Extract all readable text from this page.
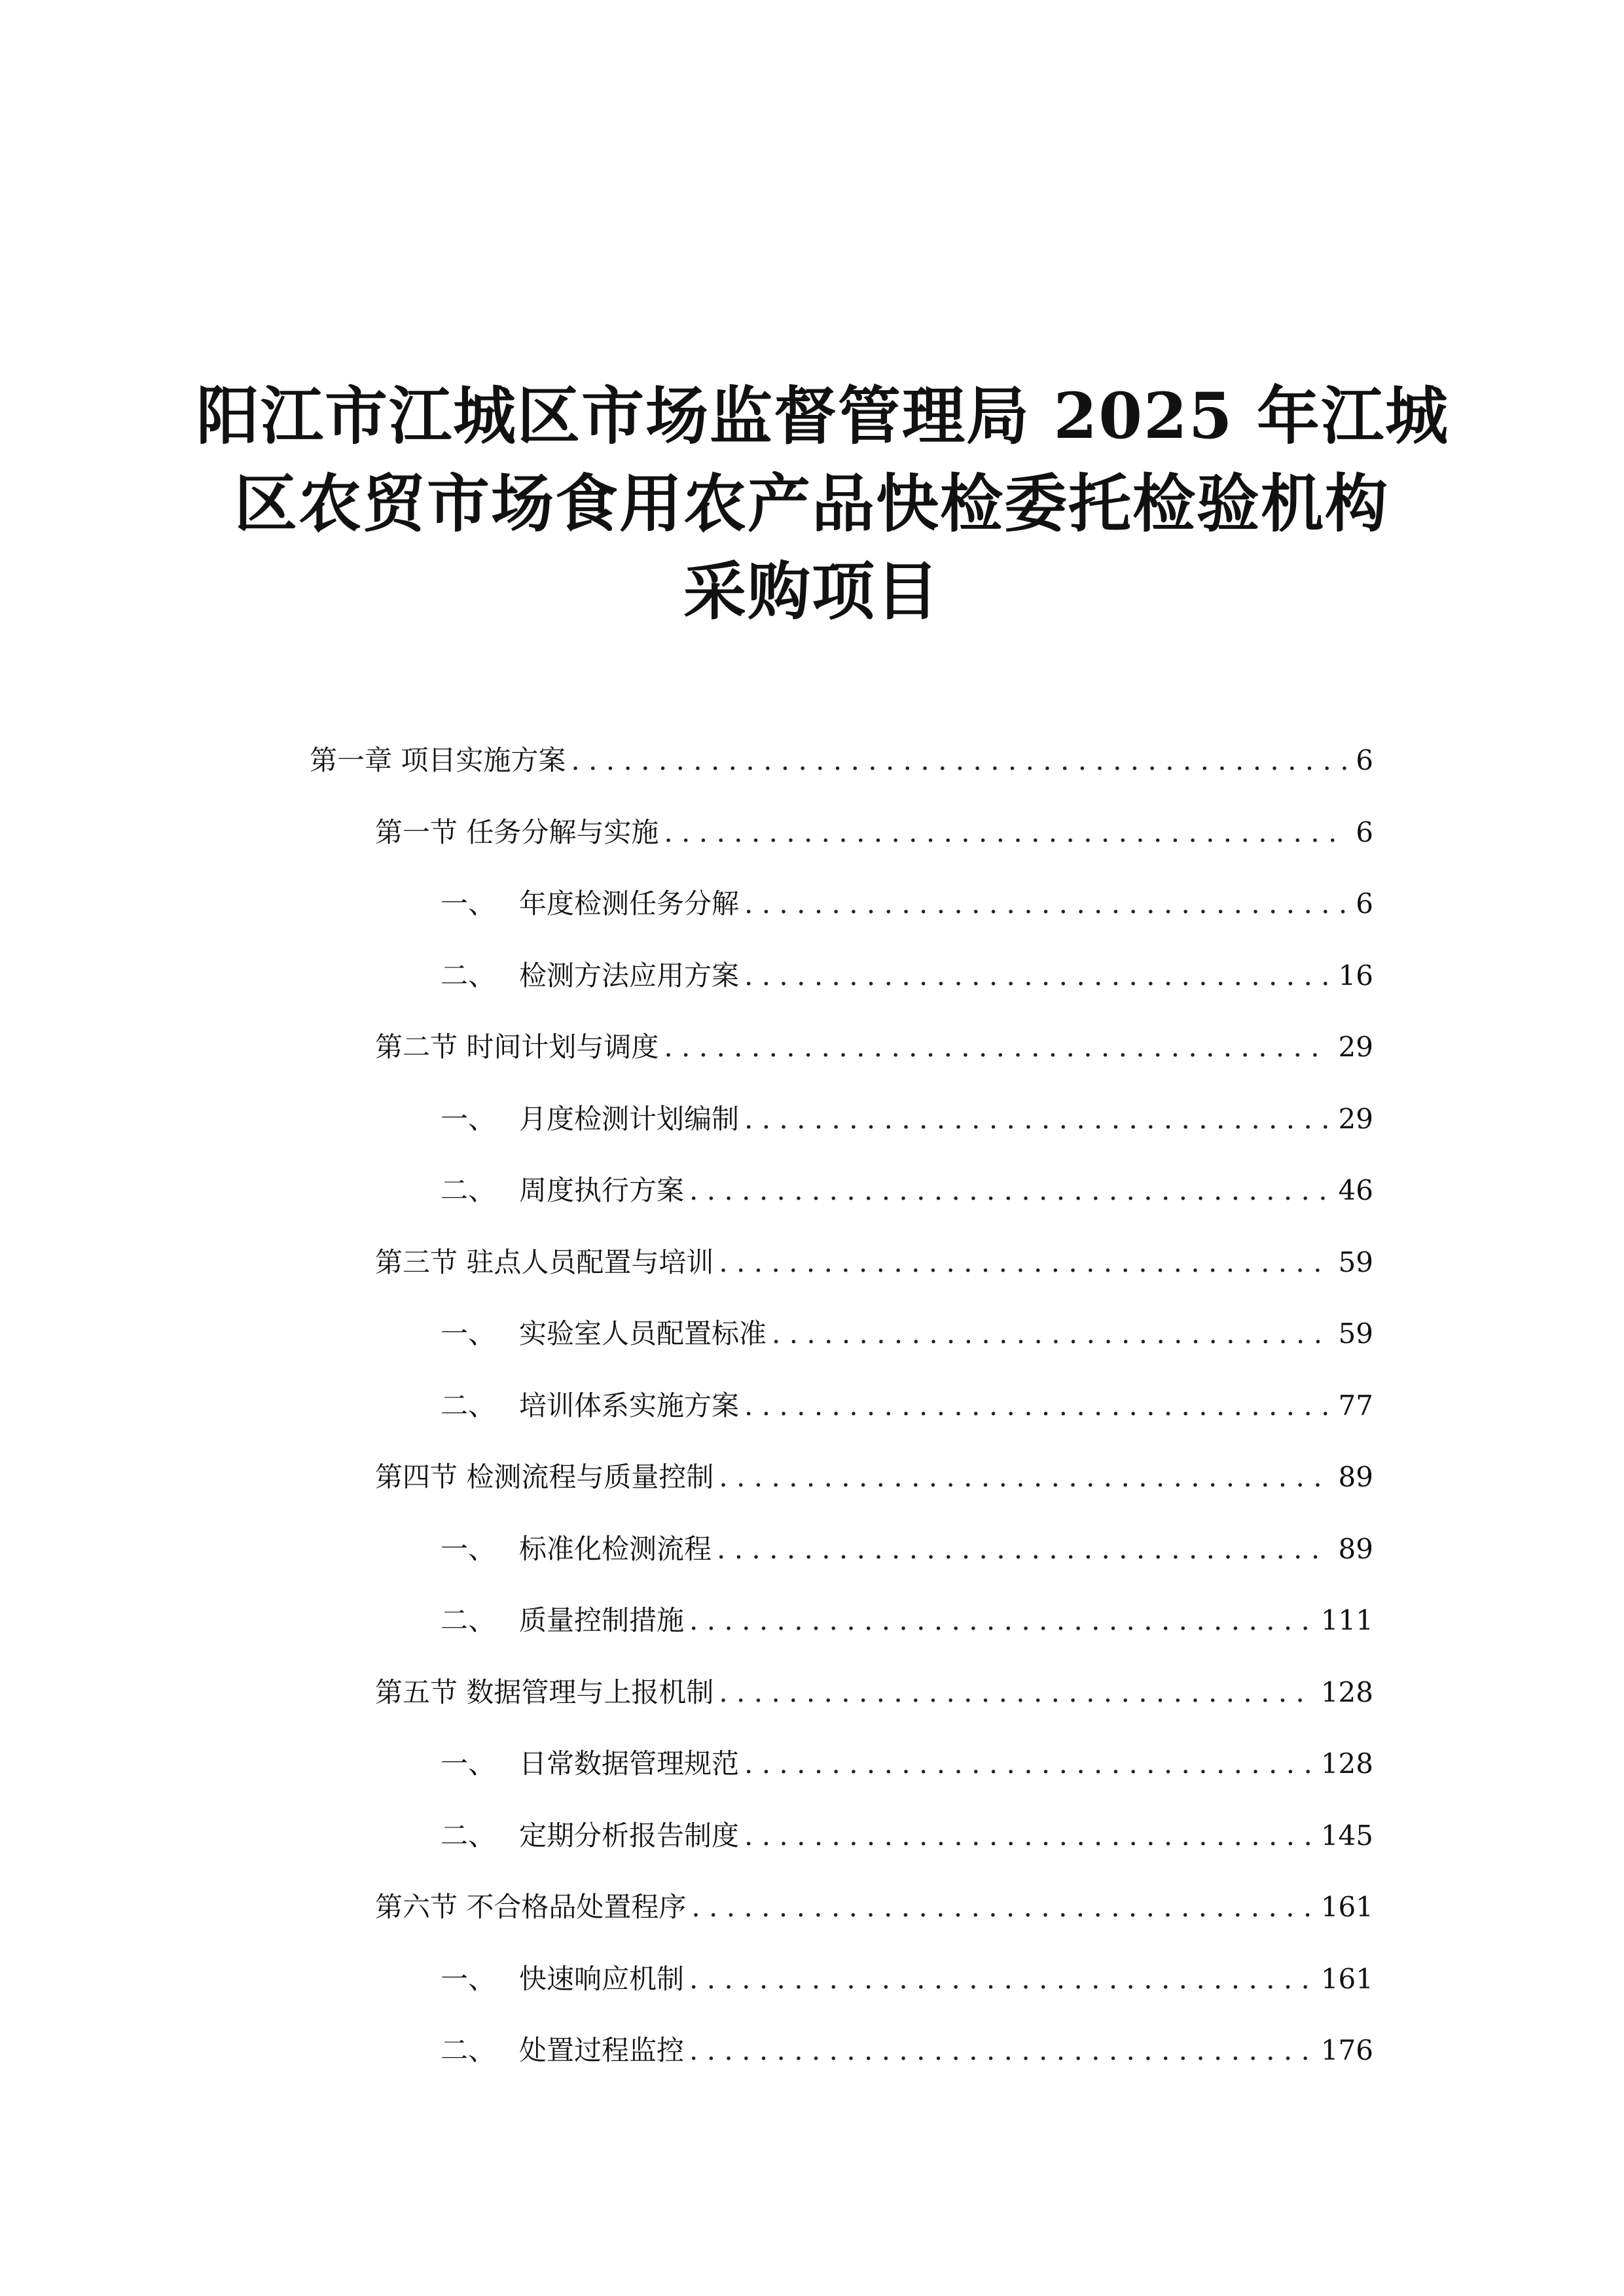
阳江市江城区市场监督管理局 2025 年江城
区农贸市场食用农产品快检委托检验机构
采购项目
第一章 项目实施方案 . . .	6
第一节 任务分解与实施 . . .	6
一、 年度检测任务分解 . . .	6
二、 检测方法应用方案 . . .	16
第二节 时间计划与调度 . . .	29
一、 月度检测计划编制 . . .	29
二、 周度执行方案 . . .	46
第三节 驻点人员配置与培训 . . .	59
一、 实验室人员配置标准 . . .	59
二、 培训体系实施方案 . . .	77
第四节 检测流程与质量控制 . . .	89
一、 标准化检测流程 . . .	89
二、 质量控制措施 . . .	111
第五节 数据管理与上报机制 . . .	128
一、 日常数据管理规范 . . .	128
二、 定期分析报告制度 . . .	145
第六节 不合格品处置程序 . . .	161
一、 快速响应机制 . . .	161
二、 处置过程监控 . . .	176
